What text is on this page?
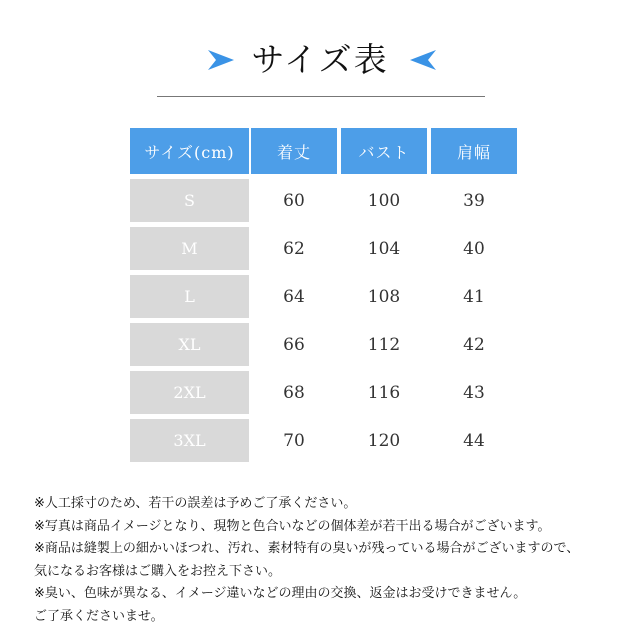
サイズ表
サイズ(cm)	着丈	バスト	肩幅
S	60	100	39
M	62	104	40
L	64	108	41
XL	66	112	42
2XL	68	116	43
3XL	70	120	44
※人工採寸のため、若干の誤差は予めご了承ください。
※写真は商品イメージとなり、現物と色合いなどの個体差が若干出る場合がございます。
※商品は縫製上の細かいほつれ、汚れ、素材特有の臭いが残っている場合がございますので、
気になるお客様はご購入をお控え下さい。
※臭い、色味が異なる、イメージ違いなどの理由の交換、返金はお受けできません。
ご了承くださいませ。
